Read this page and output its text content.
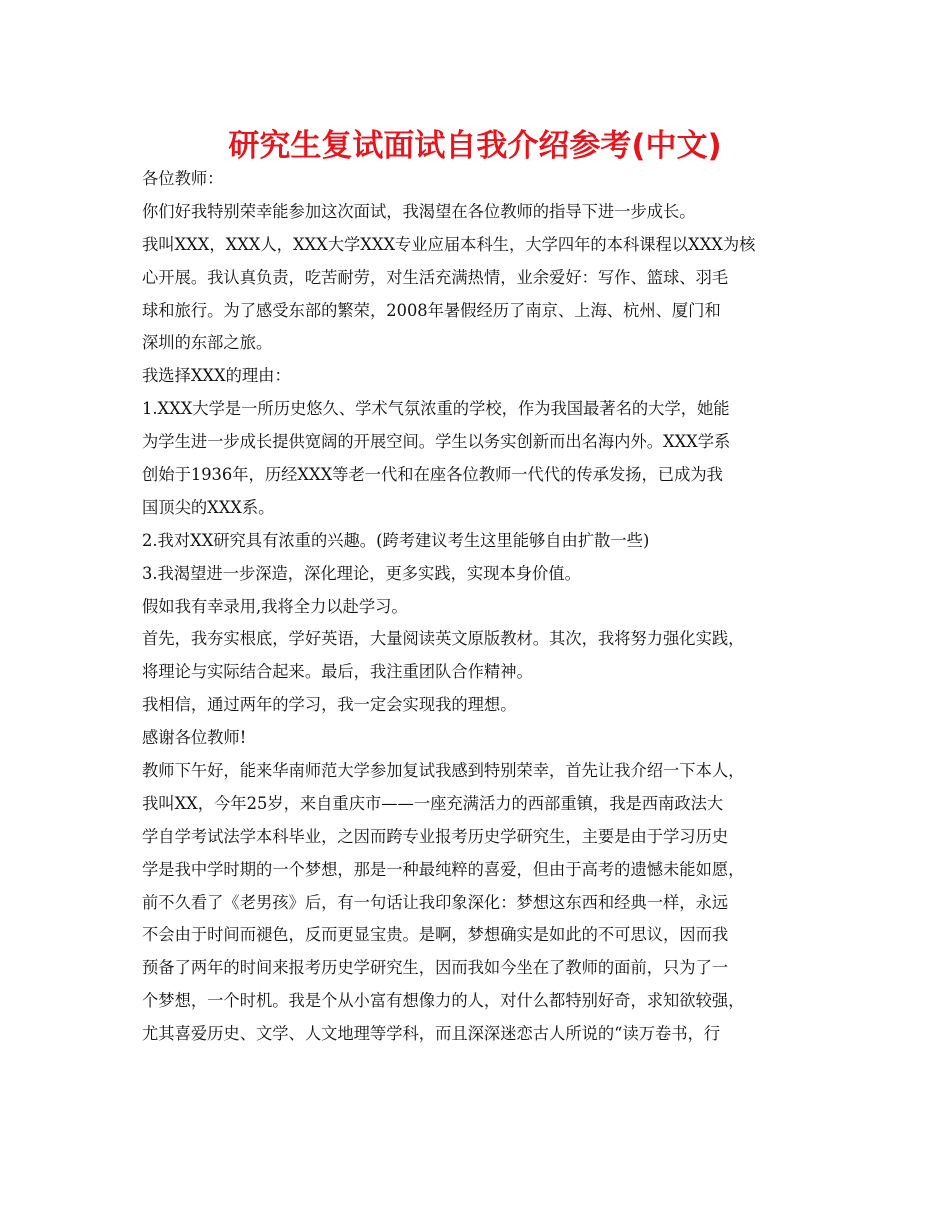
研究生复试面试自我介绍参考(中文)
各位教师：
你们好我特别荣幸能参加这次面试，我渴望在各位教师的指导下进一步成长。
我叫XXX，XXX人，XXX大学XXX专业应届本科生，大学四年的本科课程以XXX为核
心开展。我认真负责，吃苦耐劳，对生活充满热情，业余爱好：写作、篮球、羽毛
球和旅行。为了感受东部的繁荣，2008年暑假经历了南京、上海、杭州、厦门和
深圳的东部之旅。
我选择XXX的理由：
1.XXX大学是一所历史悠久、学术气氛浓重的学校，作为我国最著名的大学，她能
为学生进一步成长提供宽阔的开展空间。学生以务实创新而出名海内外。XXX学系
创始于1936年，历经XXX等老一代和在座各位教师一代代的传承发扬，已成为我
国顶尖的XXX系。
2.我对XX研究具有浓重的兴趣。(跨考建议考生这里能够自由扩散一些)
3.我渴望进一步深造，深化理论，更多实践，实现本身价值。
假如我有幸录用,我将全力以赴学习。
首先，我夯实根底，学好英语，大量阅读英文原版教材。其次，我将努力强化实践，
将理论与实际结合起来。最后，我注重团队合作精神。
我相信，通过两年的学习，我一定会实现我的理想。
感谢各位教师!
教师下午好，能来华南师范大学参加复试我感到特别荣幸，首先让我介绍一下本人，
我叫XX，今年25岁，来自重庆市——一座充满活力的西部重镇，我是西南政法大
学自学考试法学本科毕业，之因而跨专业报考历史学研究生，主要是由于学习历史
学是我中学时期的一个梦想，那是一种最纯粹的喜爱，但由于高考的遗憾未能如愿，
前不久看了《老男孩》后，有一句话让我印象深化：梦想这东西和经典一样，永远
不会由于时间而褪色，反而更显宝贵。是啊，梦想确实是如此的不可思议，因而我
预备了两年的时间来报考历史学研究生，因而我如今坐在了教师的面前，只为了一
个梦想，一个时机。我是个从小富有想像力的人，对什么都特别好奇，求知欲较强，
尤其喜爱历史、文学、人文地理等学科，而且深深迷恋古人所说的“读万卷书，行
